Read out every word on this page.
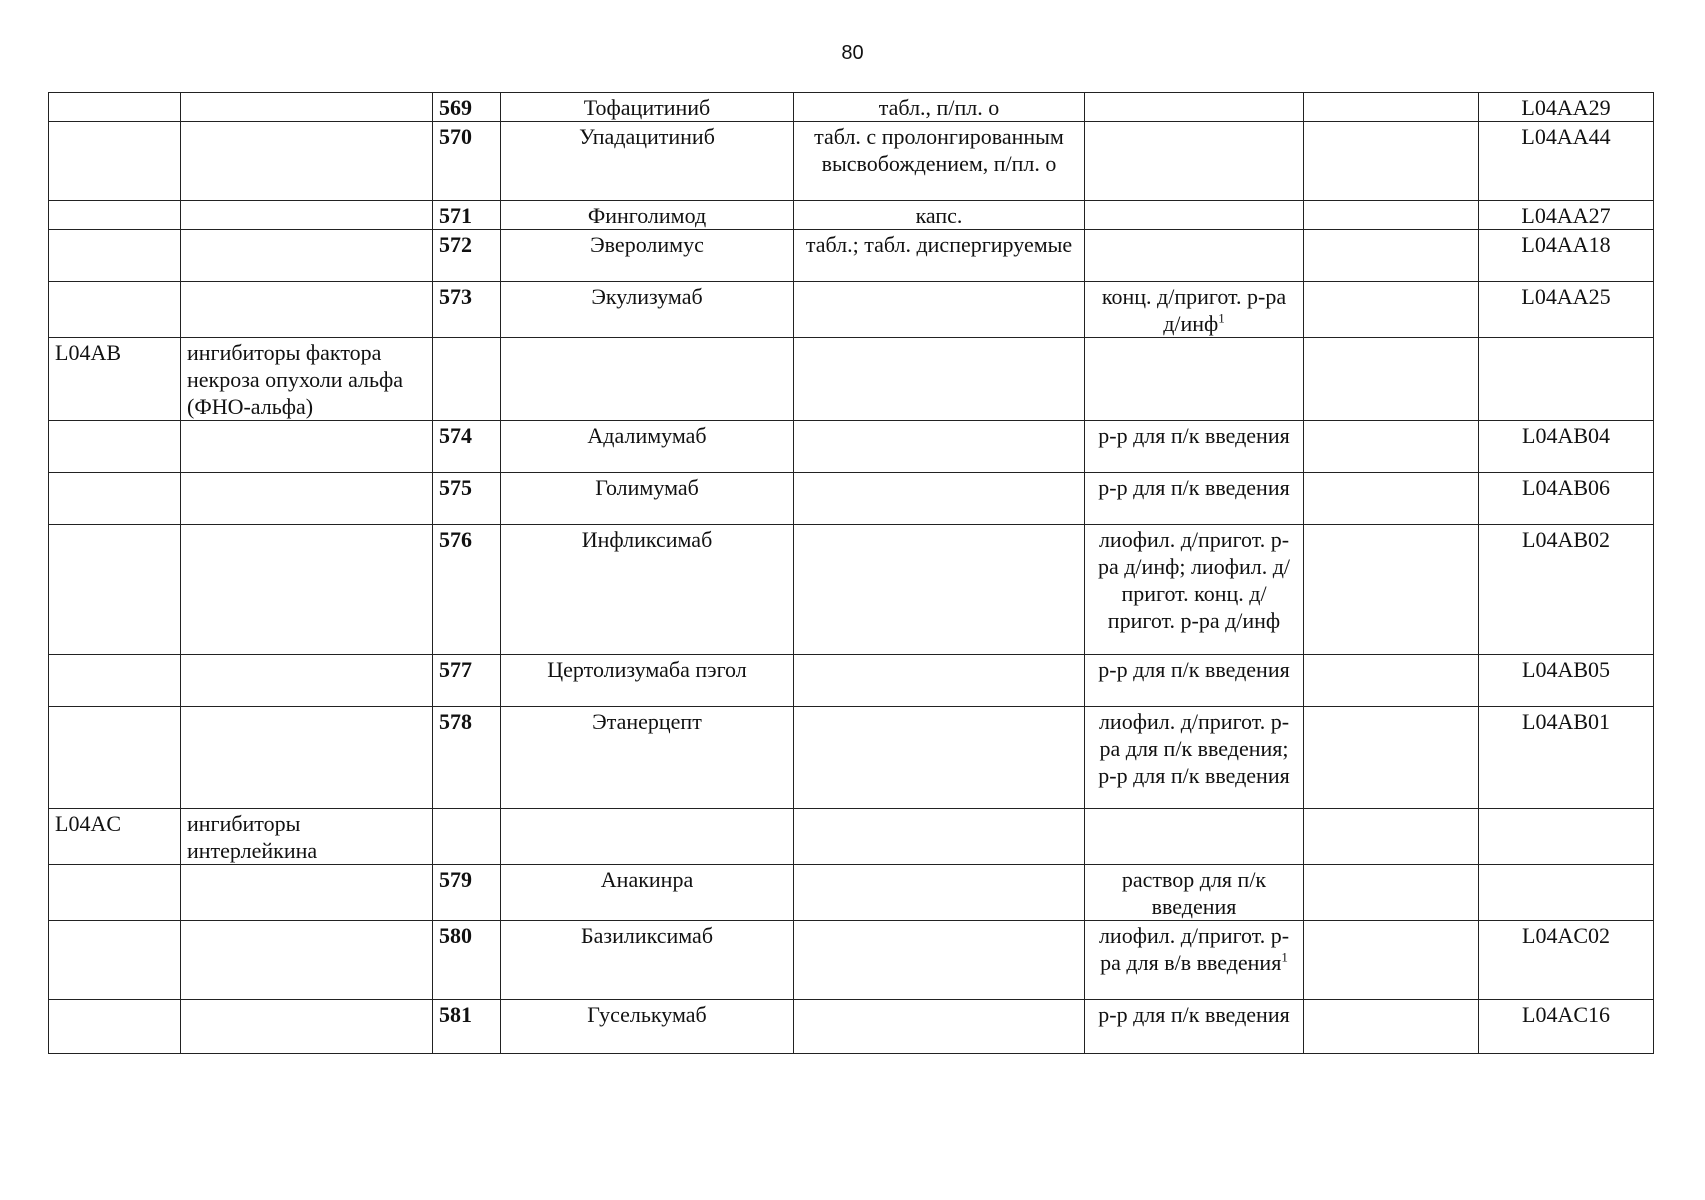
80
		569	Тофацитиниб	табл., п/пл. о			L04AA29
		570	Упадацитиниб	табл. с пролонгированным высвобождением, п/пл. о			L04AA44
		571	Финголимод	капс.			L04AA27
		572	Эверолимус	табл.; табл. диспергируемые			L04AA18
		573	Экулизумаб		конц. д/пригот. р-ра д/инф$^1$		L04AA25
L04AB	ингибиторы фактора некроза опухоли альфа (ФНО-альфа)						
		574	Адалимумаб		р-р для п/к введения		L04AB04
		575	Голимумаб		р-р для п/к введения		L04AB06
		576	Инфликсимаб		лиофил. д/пригот. р-ра д/инф; лиофил. д/пригот. конц. д/пригот. р-ра д/инф		L04AB02
		577	Цертолизумаба пэгол		р-р для п/к введения		L04AB05
		578	Этанерцепт		лиофил. д/пригот. р-ра для п/к введения; р-р для п/к введения		L04AB01
L04AC	ингибиторы интерлейкина						
		579	Анакинра		раствор для п/к введения		
		580	Базиликсимаб		лиофил. д/пригот. р-ра для в/в введения$^1$		L04AC02
		581	Гуселькумаб		р-р для п/к введения		L04AC16
